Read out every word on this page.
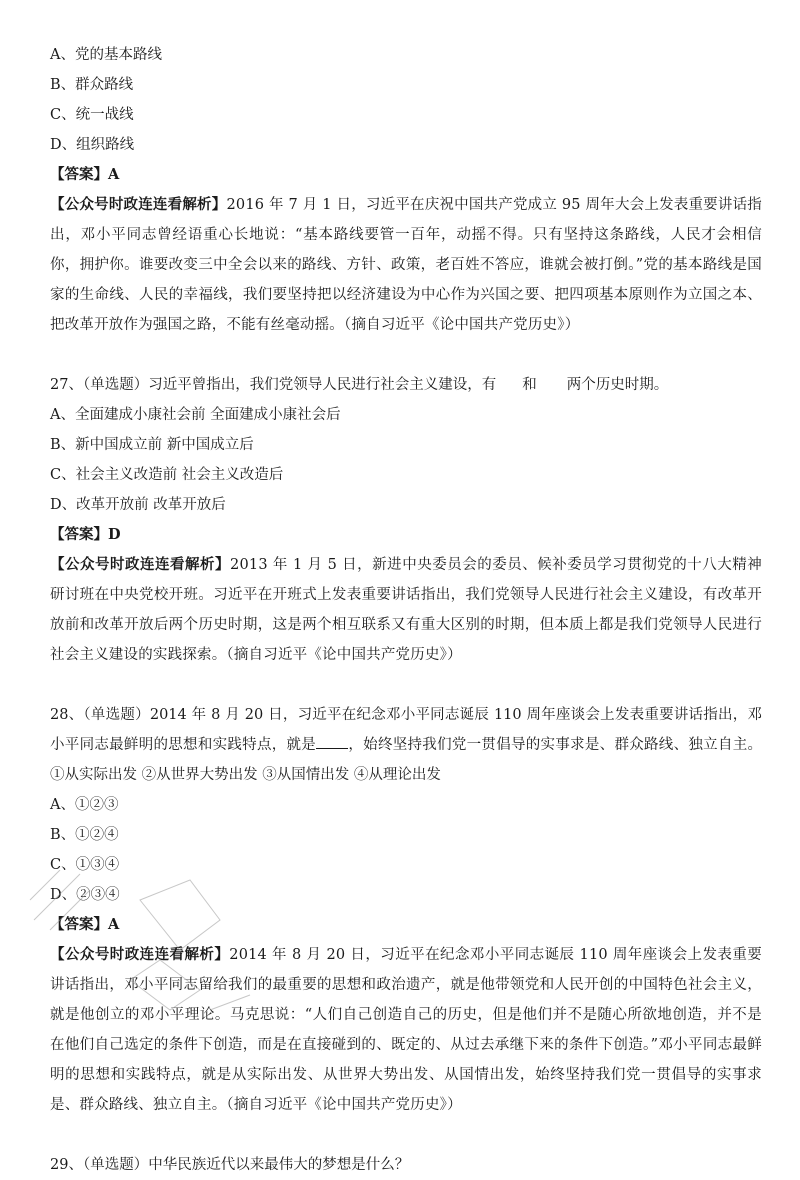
A、党的基本路线
B、群众路线
C、统一战线
D、组织路线
【答案】A
【公众号时政连连看解析】2016 年 7 月 1 日，习近平在庆祝中国共产党成立 95 周年大会上发表重要讲话指出，邓小平同志曾经语重心长地说：“基本路线要管一百年，动摇不得。只有坚持这条路线，人民才会相信你，拥护你。谁要改变三中全会以来的路线、方针、政策，老百姓不答应，谁就会被打倒。”党的基本路线是国家的生命线、人民的幸福线，我们要坚持把以经济建设为中心作为兴国之要、把四项基本原则作为立国之本、把改革开放作为强国之路，不能有丝毫动摇。（摘自习近平《论中国共产党历史》）
27、（单选题）习近平曾指出，我们党领导人民进行社会主义建设，有 和 两个历史时期。
A、全面建成小康社会前 全面建成小康社会后
B、新中国成立前 新中国成立后
C、社会主义改造前 社会主义改造后
D、改革开放前 改革开放后
【答案】D
【公众号时政连连看解析】2013 年 1 月 5 日，新进中央委员会的委员、候补委员学习贯彻党的十八大精神研讨班在中央党校开班。习近平在开班式上发表重要讲话指出，我们党领导人民进行社会主义建设，有改革开放前和改革开放后两个历史时期，这是两个相互联系又有重大区别的时期，但本质上都是我们党领导人民进行社会主义建设的实践探索。（摘自习近平《论中国共产党历史》）
28、（单选题）2014 年 8 月 20 日，习近平在纪念邓小平同志诞辰 110 周年座谈会上发表重要讲话指出，邓小平同志最鲜明的思想和实践特点，就是 ，始终坚持我们党一贯倡导的实事求是、群众路线、独立自主。 ①从实际出发 ②从世界大势出发 ③从国情出发 ④从理论出发
A、①②③
B、①②④
C、①③④
D、②③④
【答案】A
【公众号时政连连看解析】2014 年 8 月 20 日，习近平在纪念邓小平同志诞辰 110 周年座谈会上发表重要讲话指出，邓小平同志留给我们的最重要的思想和政治遗产，就是他带领党和人民开创的中国特色社会主义，就是他创立的邓小平理论。马克思说：“人们自己创造自己的历史，但是他们并不是随心所欲地创造，并不是在他们自己选定的条件下创造，而是在直接碰到的、既定的、从过去承继下来的条件下创造。”邓小平同志最鲜明的思想和实践特点，就是从实际出发、从世界大势出发、从国情出发，始终坚持我们党一贯倡导的实事求是、群众路线、独立自主。（摘自习近平《论中国共产党历史》）
29、（单选题）中华民族近代以来最伟大的梦想是什么？
